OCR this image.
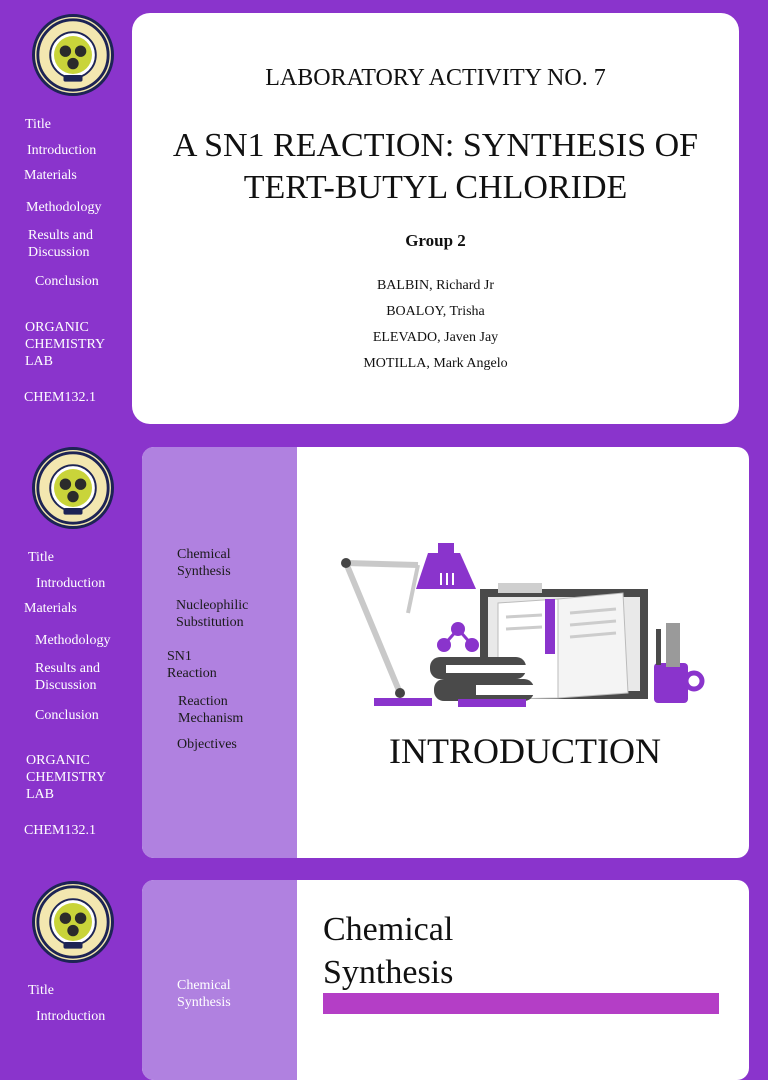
Title
Introduction
Materials
Methodology
Results and
Discussion
Conclusion
ORGANIC
CHEMISTRY
LAB
CHEM132.1
LABORATORY ACTIVITY NO. 7
A SN1 REACTION: SYNTHESIS OF
TERT-BUTYL CHLORIDE
Group 2
BALBIN, Richard Jr
BOALOY, Trisha
ELEVADO, Javen Jay
MOTILLA, Mark Angelo
Title
Introduction
Materials
Methodology
Results and
Discussion
Conclusion
ORGANIC
CHEMISTRY
LAB
CHEM132.1
Chemical
Synthesis
Nucleophilic
Substitution
SN1
Reaction
Reaction
Mechanism
Objectives	INTRODUCTION
Title
Introduction
Chemical
Synthesis
Chemical
Synthesis
